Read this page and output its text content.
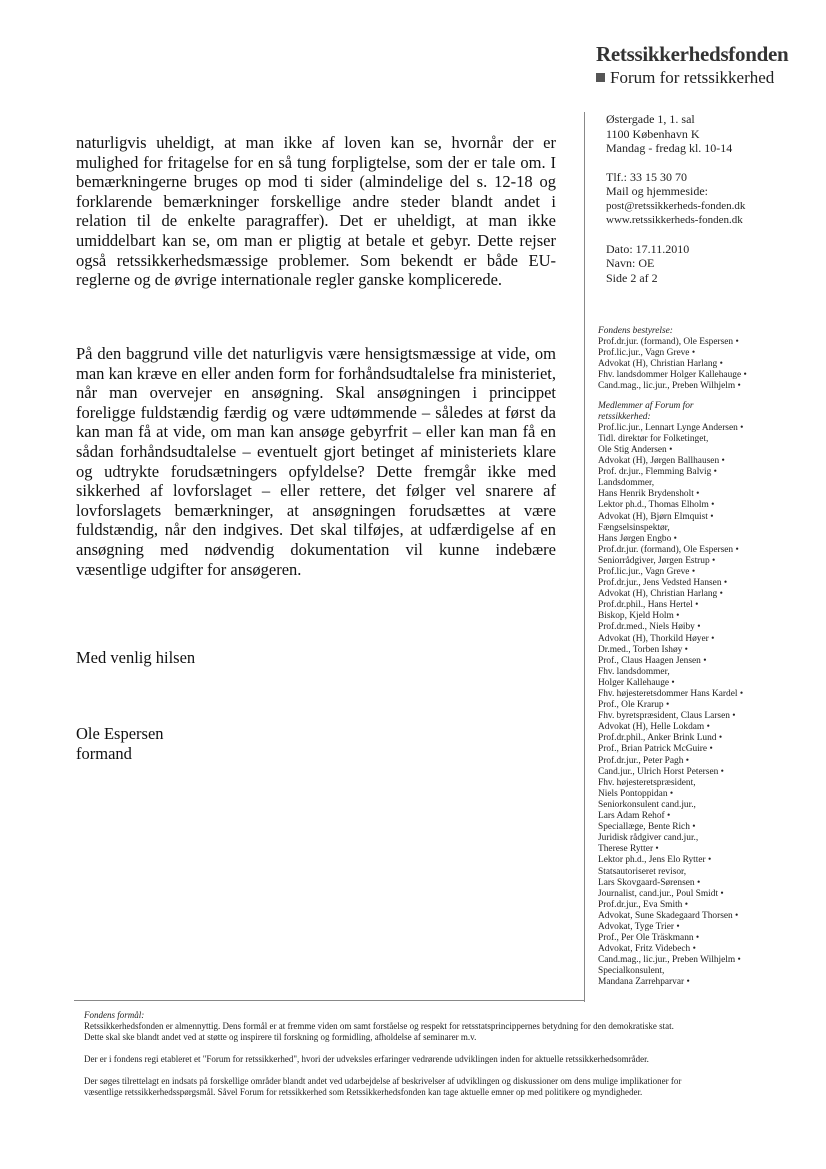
Retssikkerhedsfonden
Forum for retssikkerhed
Østergade 1, 1. sal
1100 København K
Mandag - fredag kl. 10-14
Tlf.: 33 15 30 70
Mail og hjemmeside:
post@retssikkerheds-fonden.dk
www.retssikkerheds-fonden.dk
Dato: 17.11.2010
Navn: OE
Side 2 af 2
naturligvis uheldigt, at man ikke af loven kan se, hvornår der er mulighed for fritagelse for en så tung forpligtelse, som der er tale om. I bemærkningerne bruges op mod ti sider (almindelige del s. 12-18 og forklarende bemærkninger forskellige andre steder blandt andet i relation til de enkelte paragraffer). Det er uheldigt, at man ikke umiddelbart kan se, om man er pligtig at betale et gebyr. Dette rejser også retssikkerhedsmæssige problemer. Som bekendt er både EU-reglerne og de øvrige internationale regler ganske komplicerede.
På den baggrund ville det naturligvis være hensigtsmæssige at vide, om man kan kræve en eller anden form for forhåndsudtalelse fra ministeriet, når man overvejer en ansøgning. Skal ansøgningen i princippet foreligge fuldstændig færdig og være udtømmende – således at først da kan man få at vide, om man kan ansøge gebyrfrit – eller kan man få en sådan forhåndsudtalelse – eventuelt gjort betinget af ministeriets klare og udtrykte forudsætningers opfyldelse? Dette fremgår ikke med sikkerhed af lovforslaget – eller rettere, det følger vel snarere af lovforslagets bemærkninger, at ansøgningen forudsættes at være fuldstændig, når den indgives. Det skal tilføjes, at udfærdigelse af en ansøgning med nødvendig dokumentation vil kunne indebære væsentlige udgifter for ansøgeren.
Med venlig hilsen
Ole Espersen
formand
Fondens bestyrelse:
Prof.dr.jur. (formand), Ole Espersen •
Prof.lic.jur., Vagn Greve •
Advokat (H), Christian Harlang •
Fhv. landsdommer Holger Kallehauge •
Cand.mag., lic.jur., Preben Wilhjelm •
Medlemmer af Forum for
retssikkerhed:
Prof.lic.jur., Lennart Lynge Andersen •
Tidl. direktør for Folketinget,
Ole Stig Andersen •
Advokat (H), Jørgen Ballhausen •
Prof. dr.jur., Flemming Balvig •
Landsdommer,
Hans Henrik Brydensholt •
Lektor ph.d., Thomas Elholm •
Advokat (H), Bjørn Elmquist •
Fængselsinspektør,
Hans Jørgen Engbo •
Prof.dr.jur. (formand), Ole Espersen •
Seniorrådgiver, Jørgen Estrup •
Prof.lic.jur., Vagn Greve •
Prof.dr.jur., Jens Vedsted Hansen •
Advokat (H), Christian Harlang •
Prof.dr.phil., Hans Hertel •
Biskop, Kjeld Holm •
Prof.dr.med., Niels Høiby •
Advokat (H), Thorkild Høyer •
Dr.med., Torben Ishøy •
Prof., Claus Haagen Jensen •
Fhv. landsdommer,
Holger Kallehauge •
Fhv. højesteretsdommer Hans Kardel •
Prof., Ole Krarup •
Fhv. byretspræsident, Claus Larsen •
Advokat (H), Helle Lokdam •
Prof.dr.phil., Anker Brink Lund •
Prof., Brian Patrick McGuire •
Prof.dr.jur., Peter Pagh •
Cand.jur., Ulrich Horst Petersen •
Fhv. højesteretspræsident,
Niels Pontoppidan •
Seniorkonsulent cand.jur.,
Lars Adam Rehof •
Speciallæge, Bente Rich •
Juridisk rådgiver cand.jur.,
Therese Rytter •
Lektor ph.d., Jens Elo Rytter •
Statsautoriseret revisor,
Lars Skovgaard-Sørensen •
Journalist, cand.jur., Poul Smidt •
Prof.dr.jur., Eva Smith •
Advokat, Sune Skadegaard Thorsen •
Advokat, Tyge Trier •
Prof., Per Ole Träskmann •
Advokat, Fritz Videbech •
Cand.mag., lic.jur., Preben Wilhjelm •
Specialkonsulent,
Mandana Zarrehparvar •
Fondens formål:
Retssikkerhedsfonden er almennyttig. Dens formål er at fremme viden om samt forståelse og respekt for retsstatsprincippernes betydning for den demokratiske stat.
Dette skal ske blandt andet ved at støtte og inspirere til forskning og formidling, afholdelse af seminarer m.v.
Der er i fondens regi etableret et "Forum for retssikkerhed", hvori der udveksles erfaringer vedrørende udviklingen inden for aktuelle retssikkerhedsområder.
Der søges tilrettelagt en indsats på forskellige områder blandt andet ved udarbejdelse af beskrivelser af udviklingen og diskussioner om dens mulige implikationer for
væsentlige retssikkerhedsspørgsmål. Såvel Forum for retssikkerhed som Retssikkerhedsfonden kan tage aktuelle emner op med politikere og myndigheder.
